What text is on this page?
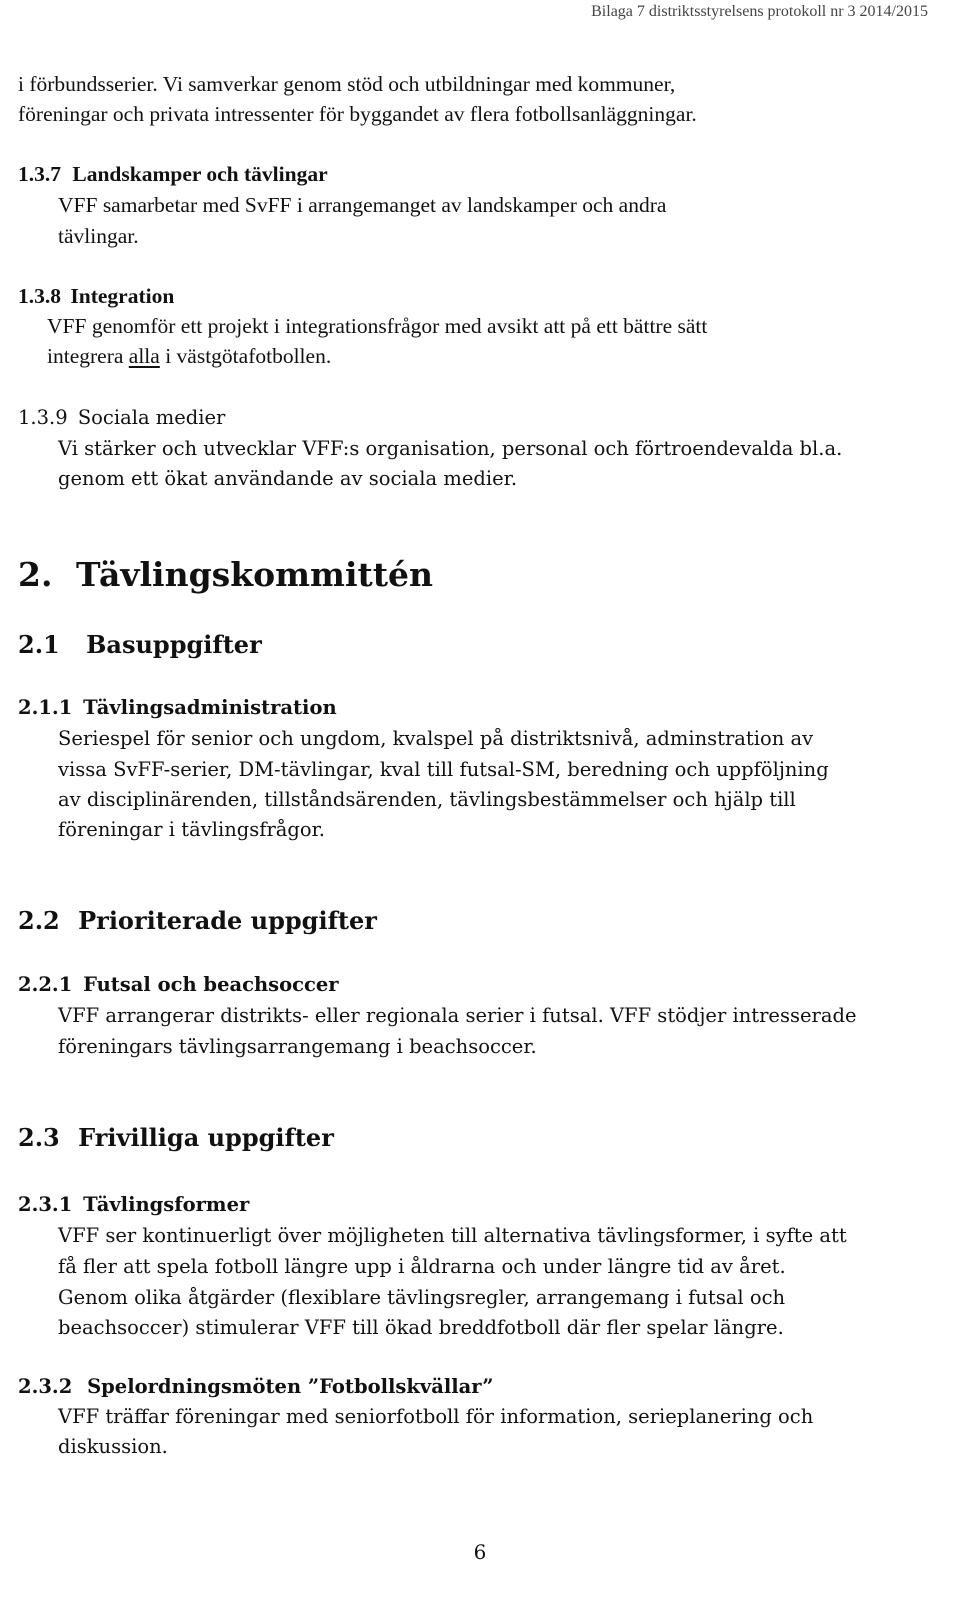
Bilaga 7 distriktsstyrelsens protokoll nr 3 2014/2015
i förbundsserier. Vi samverkar genom stöd och utbildningar med kommuner,
föreningar och privata intressenter för byggandet av flera fotbollsanläggningar.
1.3.7 Landskamper och tävlingar
VFF samarbetar med SvFF i arrangemanget av landskamper och andra
tävlingar.
1.3.8 Integration
VFF genomför ett projekt i integrationsfrågor med avsikt att på ett bättre sätt
integrera alla i västgötafotbollen.
1.3.9 Sociala medier
Vi stärker och utvecklar VFF:s organisation, personal och förtroendevalda bl.a.
genom ett ökat användande av sociala medier.
2. Tävlingskommittén
2.1 Basuppgifter
2.1.1 Tävlingsadministration
Seriespel för senior och ungdom, kvalspel på distriktsnivå, adminstration av
vissa SvFF-serier, DM-tävlingar, kval till futsal-SM, beredning och uppföljning
av disciplinärenden, tillståndsärenden, tävlingsbestämmelser och hjälp till
föreningar i tävlingsfrågor.
2.2 Prioriterade uppgifter
2.2.1 Futsal och beachsoccer
VFF arrangerar distrikts- eller regionala serier i futsal. VFF stödjer intresserade
föreningars tävlingsarrangemang i beachsoccer.
2.3 Frivilliga uppgifter
2.3.1 Tävlingsformer
VFF ser kontinuerligt över möjligheten till alternativa tävlingsformer, i syfte att
få fler att spela fotboll längre upp i åldrarna och under längre tid av året.
Genom olika åtgärder (flexiblare tävlingsregler, arrangemang i futsal och
beachsoccer) stimulerar VFF till ökad breddfotboll där fler spelar längre.
2.3.2 Spelordningsmöten ”Fotbollskvällar”
VFF träffar föreningar med seniorfotboll för information, serieplanering och
diskussion.
6
